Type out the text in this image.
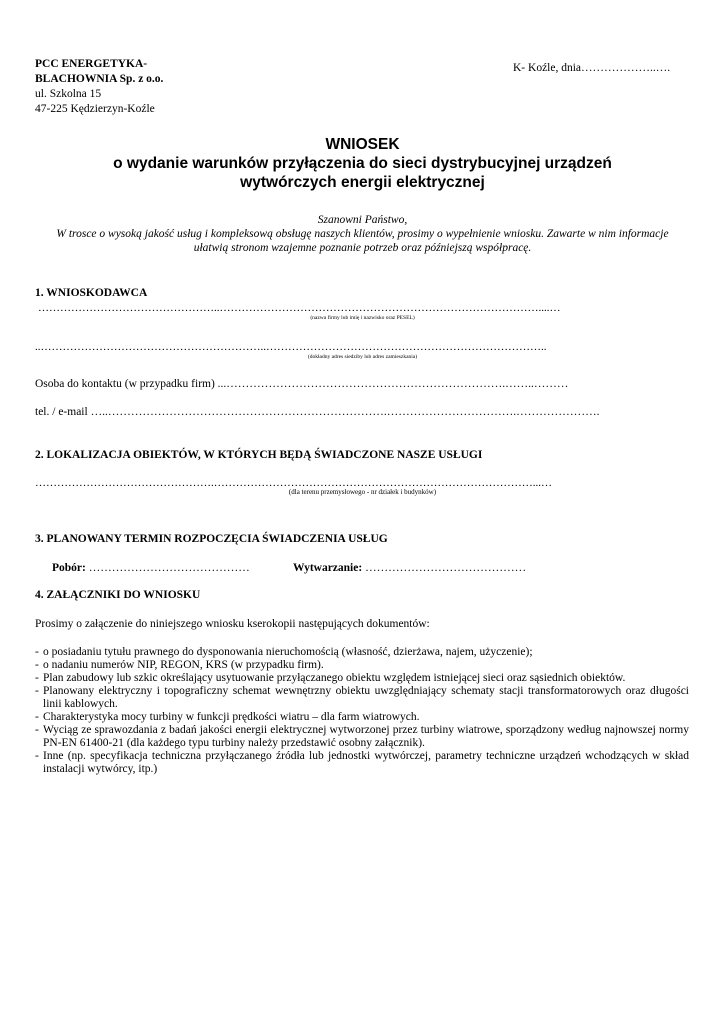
PCC ENERGETYKA-
BLACHOWNIA Sp. z o.o.
ul. Szkolna 15
47-225 Kędzierzyn-Koźle
K- Koźle, dnia………………..….
WNIOSEK
o wydanie warunków przyłączenia do sieci dystrybucyjnej urządzeń
wytwórczych energii elektrycznej
Szanowni Państwo,
W trosce o wysoką jakość usług i kompleksową obsługę naszych klientów, prosimy o wypełnienie wniosku. Zawarte w nim informacje
ułatwią stronom wzajemne poznanie potrzeb oraz późniejszą współpracę.
1. WNIOSKODAWCA
…………………………………………..……………………………………………………………………………....…
(nazwa firmy lub imię i nazwisko oraz PESEL)
..……………………………………………………..…………………………………………………………………..
(dokładny adres siedziby lub adres zamieszkania)
Osoba do kontaktu (w przypadku firm) ...……………………………………………………………….……..………
tel. / e-mail …..……………………………………………………………….…………………………….………………….
2. LOKALIZACJA OBIEKTÓW, W KTÓRYCH BĘDĄ ŚWIADCZONE NASZE USŁUGI
………………………………………….……………………………………………………………………………...…
(dla terenu przemysłowego - nr działek i budynków)
3. PLANOWANY TERMIN ROZPOCZĘCIA ŚWIADCZENIA USŁUG
Pobór: ……………………………………	Wytwarzanie: ……………………………………
4. ZAŁĄCZNIKI DO WNIOSKU
Prosimy o załączenie do niniejszego wniosku kserokopii następujących dokumentów:
- o posiadaniu tytułu prawnego do dysponowania nieruchomością (własność, dzierżawa, najem, użyczenie);
- o nadaniu numerów NIP, REGON, KRS (w przypadku firm).
- Plan zabudowy lub szkic określający usytuowanie przyłączanego obiektu względem istniejącej sieci oraz sąsiednich obiektów.
- Planowany elektryczny i topograficzny schemat wewnętrzny obiektu uwzględniający schematy stacji transformatorowych oraz długości linii kablowych.
- Charakterystyka mocy turbiny w funkcji prędkości wiatru – dla farm wiatrowych.
- Wyciąg ze sprawozdania z badań jakości energii elektrycznej wytworzonej przez turbiny wiatrowe, sporządzony według najnowszej normy PN-EN 61400-21 (dla każdego typu turbiny należy przedstawić osobny załącznik).
- Inne (np. specyfikacja techniczna przyłączanego źródła lub jednostki wytwórczej, parametry techniczne urządzeń wchodzących w skład instalacji wytwórcy, itp.)
